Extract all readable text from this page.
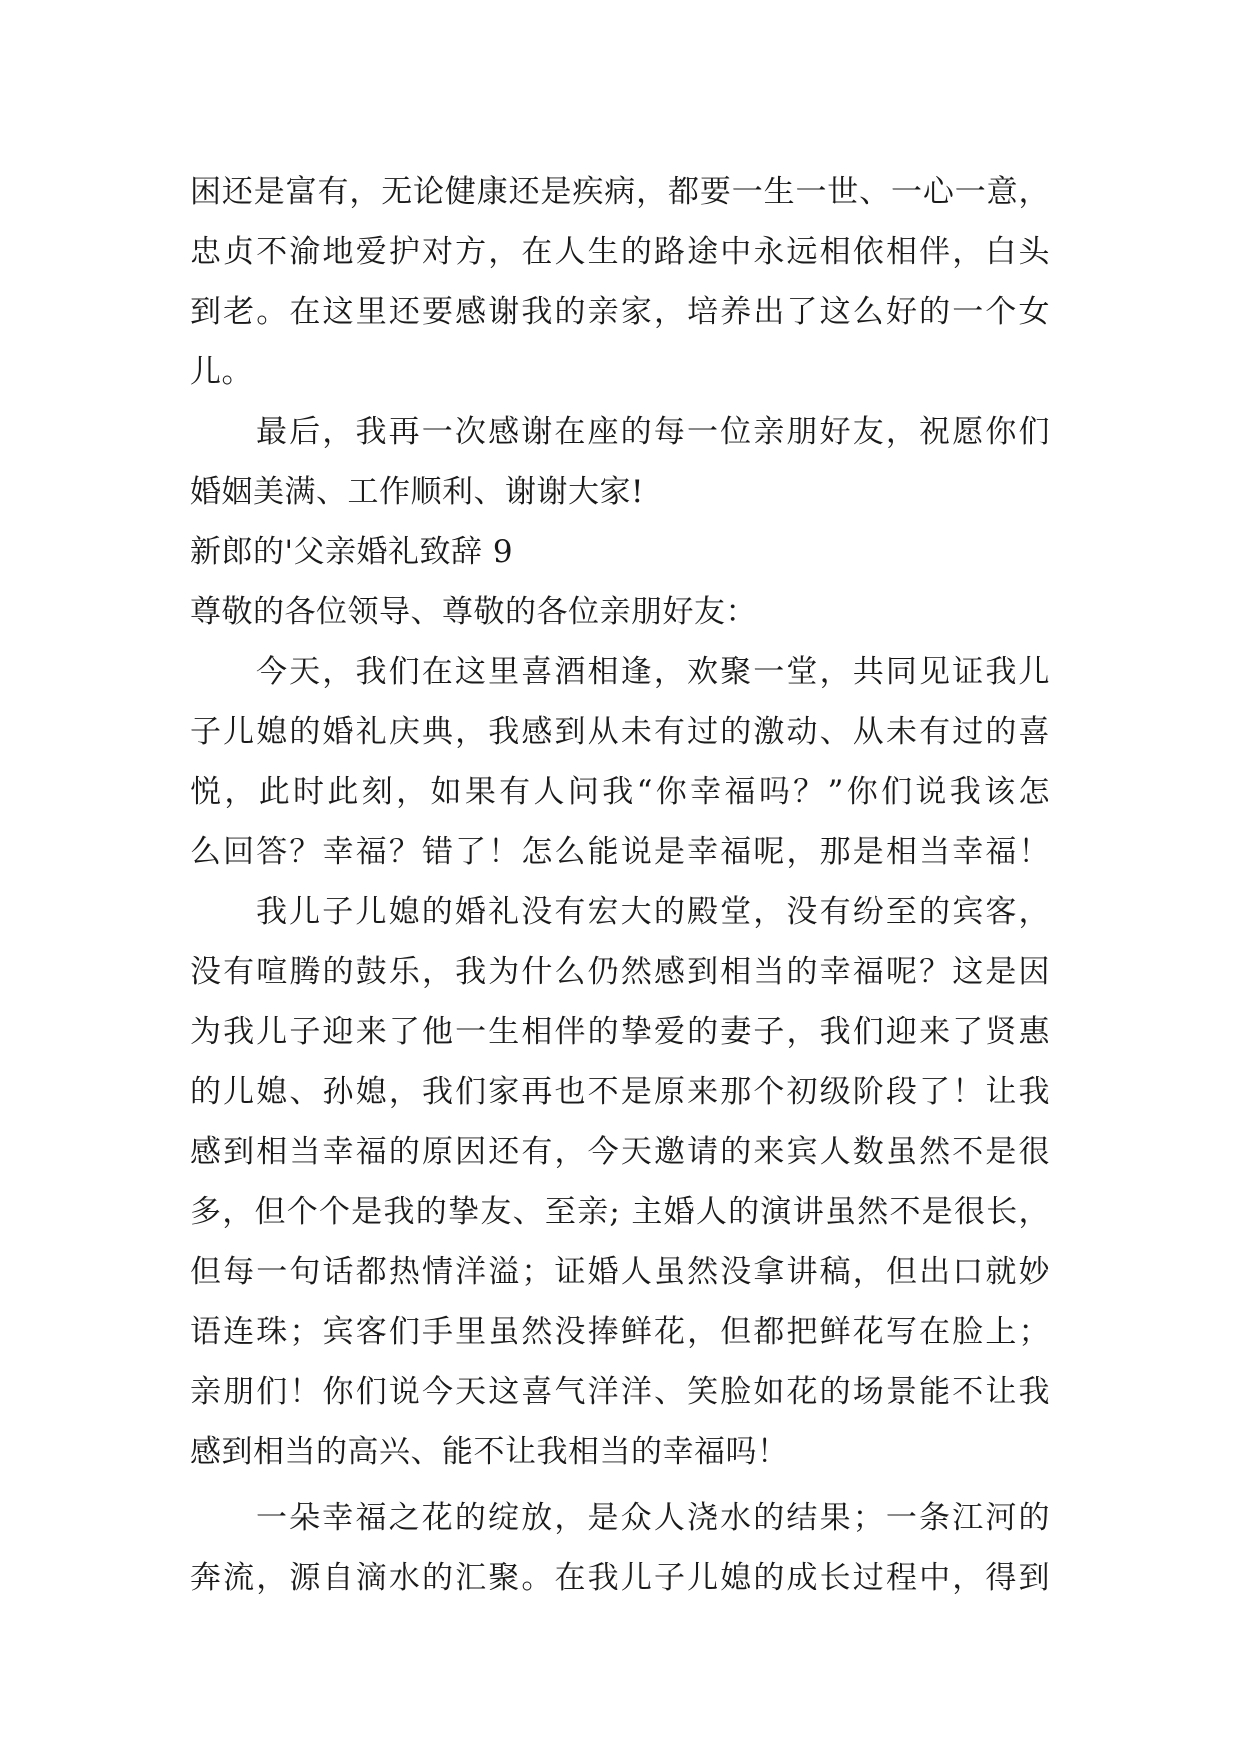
困还是富有，无论健康还是疾病，都要一生一世、一心一意，
忠贞不渝地爱护对方，在人生的路途中永远相依相伴，白头
到老。在这里还要感谢我的亲家，培养出了这么好的一个女
儿。
最后，我再一次感谢在座的每一位亲朋好友，祝愿你们
婚姻美满、工作顺利、谢谢大家!
新郎的'父亲婚礼致辞 9
尊敬的各位领导、尊敬的各位亲朋好友：
今天，我们在这里喜酒相逢，欢聚一堂，共同见证我儿
子儿媳的婚礼庆典，我感到从未有过的激动、从未有过的喜
悦，此时此刻，如果有人问我“你幸福吗？”你们说我该怎
么回答？幸福？错了！怎么能说是幸福呢，那是相当幸福！
我儿子儿媳的婚礼没有宏大的殿堂，没有纷至的宾客，
没有喧腾的鼓乐，我为什么仍然感到相当的幸福呢？这是因
为我儿子迎来了他一生相伴的挚爱的妻子，我们迎来了贤惠
的儿媳、孙媳，我们家再也不是原来那个初级阶段了！让我
感到相当幸福的原因还有，今天邀请的来宾人数虽然不是很
多，但个个是我的挚友、至亲; 主婚人的演讲虽然不是很长，
但每一句话都热情洋溢；证婚人虽然没拿讲稿，但出口就妙
语连珠；宾客们手里虽然没捧鲜花，但都把鲜花写在脸上；
亲朋们！你们说今天这喜气洋洋、笑脸如花的场景能不让我
感到相当的高兴、能不让我相当的幸福吗！
一朵幸福之花的绽放，是众人浇水的结果；一条江河的
奔流，源自滴水的汇聚。在我儿子儿媳的成长过程中，得到
